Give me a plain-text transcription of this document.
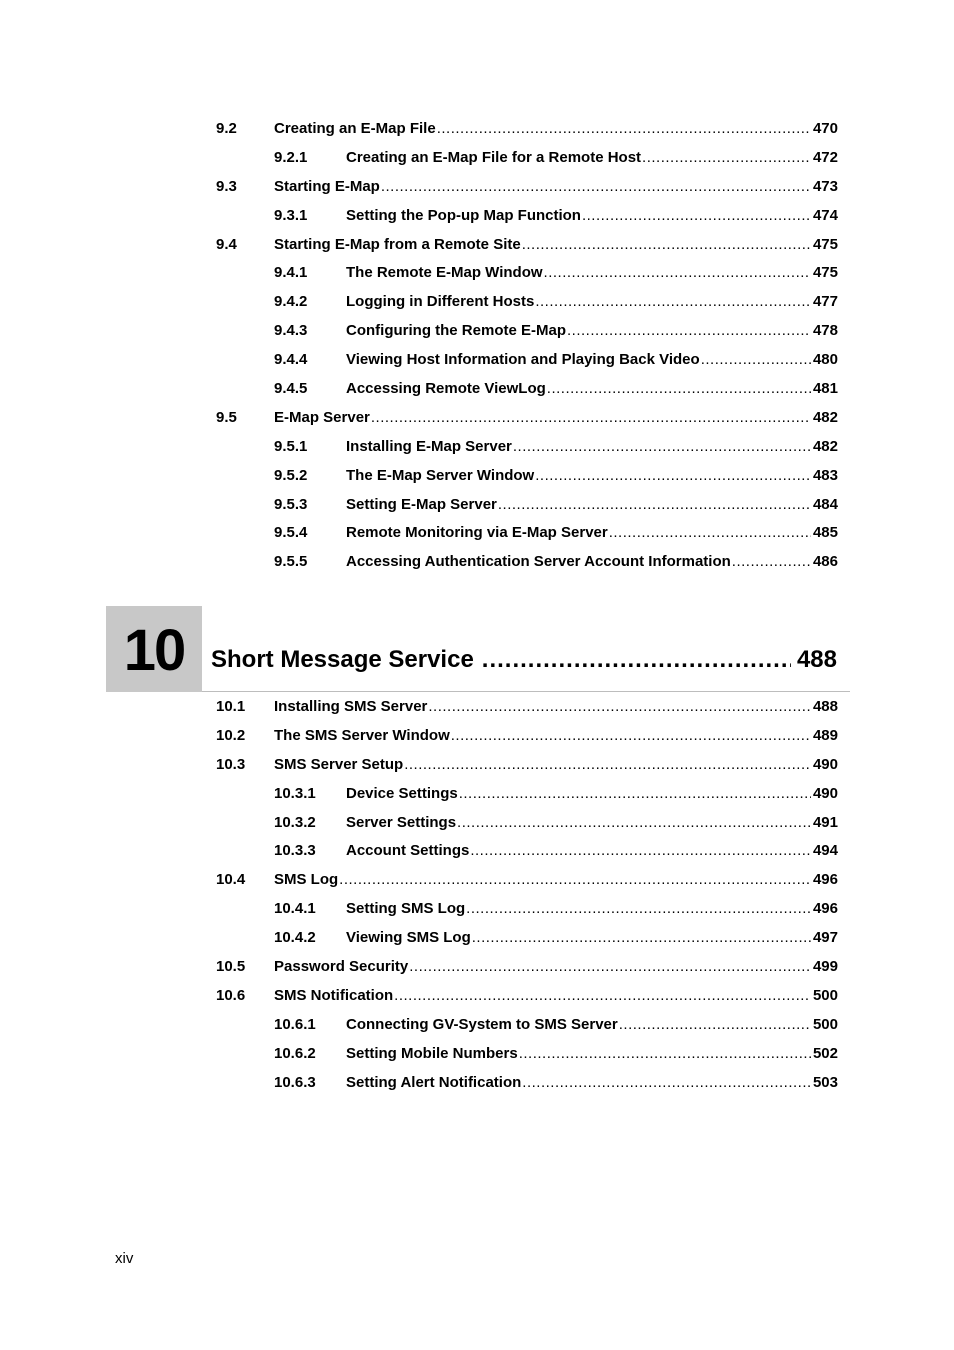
9.2 Creating an E-Map File .....	470
9.2.1	Creating an E-Map File for a Remote Host .....	472
9.3 Starting E-Map .....	473
9.3.1	Setting the Pop-up Map Function .....	474
9.4 Starting E-Map from a Remote Site .....	475
9.4.1	The Remote E-Map Window .....	475
9.4.2	Logging in Different Hosts .....	477
9.4.3	Configuring the Remote E-Map .....	478
9.4.4	Viewing Host Information and Playing Back Video .....	480
9.4.5	Accessing Remote ViewLog .....	481
9.5 E-Map Server .....	482
9.5.1	Installing E-Map Server .....	482
9.5.2	The E-Map Server Window .....	483
9.5.3	Setting E-Map Server .....	484
9.5.4	Remote Monitoring via E-Map Server .....	485
9.5.5	Accessing Authentication Server Account Information .....	486
10	Short Message Service .....	488
10.1 Installing SMS Server .....	488
10.2 The SMS Server Window .....	489
10.3 SMS Server Setup .....	490
10.3.1 Device Settings .....	490
10.3.2 Server Settings .....	491
10.3.3 Account Settings .....	494
10.4 SMS Log .....	496
10.4.1 Setting SMS Log .....	496
10.4.2 Viewing SMS Log .....	497
10.5 Password Security .....	499
10.6 SMS Notification .....	500
10.6.1 Connecting GV-System to SMS Server .....	500
10.6.2 Setting Mobile Numbers .....	502
10.6.3 Setting Alert Notification .....	503
xiv
